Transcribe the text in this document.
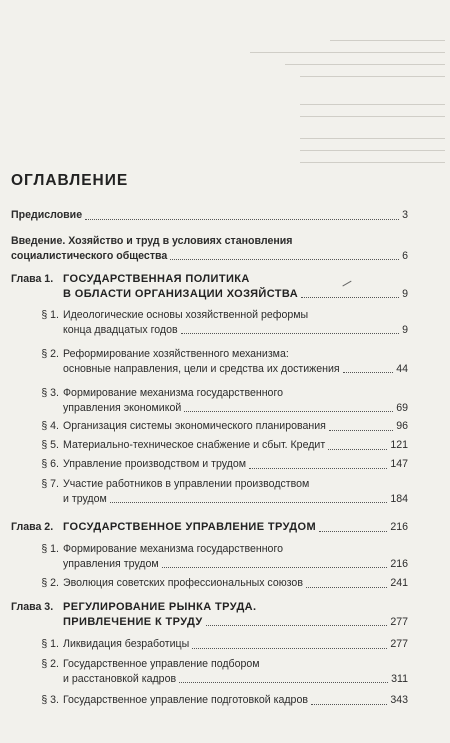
ОГЛАВЛЕНИЕ
Предисловие	3
Введение. Хозяйство и труд в условиях становления
социалистического общества	6
Глава 1. ГОСУДАРСТВЕННАЯ ПОЛИТИКА
В ОБЛАСТИ ОРГАНИЗАЦИИ ХОЗЯЙСТВА	9
§ 1. Идеологические основы хозяйственной реформы
конца двадцатых годов	9
§ 2. Реформирование хозяйственного механизма:
основные направления, цели и средства их достижения	44
§ 3. Формирование механизма государственного
управления экономикой	69
§ 4. Организация системы экономического планирования	96
§ 5. Материально-техническое снабжение и сбыт. Кредит	121
§ 6. Управление производством и трудом	147
§ 7. Участие работников в управлении производством
и трудом	184
Глава 2. ГОСУДАРСТВЕННОЕ УПРАВЛЕНИЕ ТРУДОМ	216
§ 1. Формирование механизма государственного
управления трудом	216
§ 2. Эволюция советских профессиональных союзов	241
Глава 3. РЕГУЛИРОВАНИЕ РЫНКА ТРУДА.
ПРИВЛЕЧЕНИЕ К ТРУДУ	277
§ 1. Ликвидация безработицы	277
§ 2. Государственное управление подбором
и расстановкой кадров	311
§ 3. Государственное управление подготовкой кадров	343
